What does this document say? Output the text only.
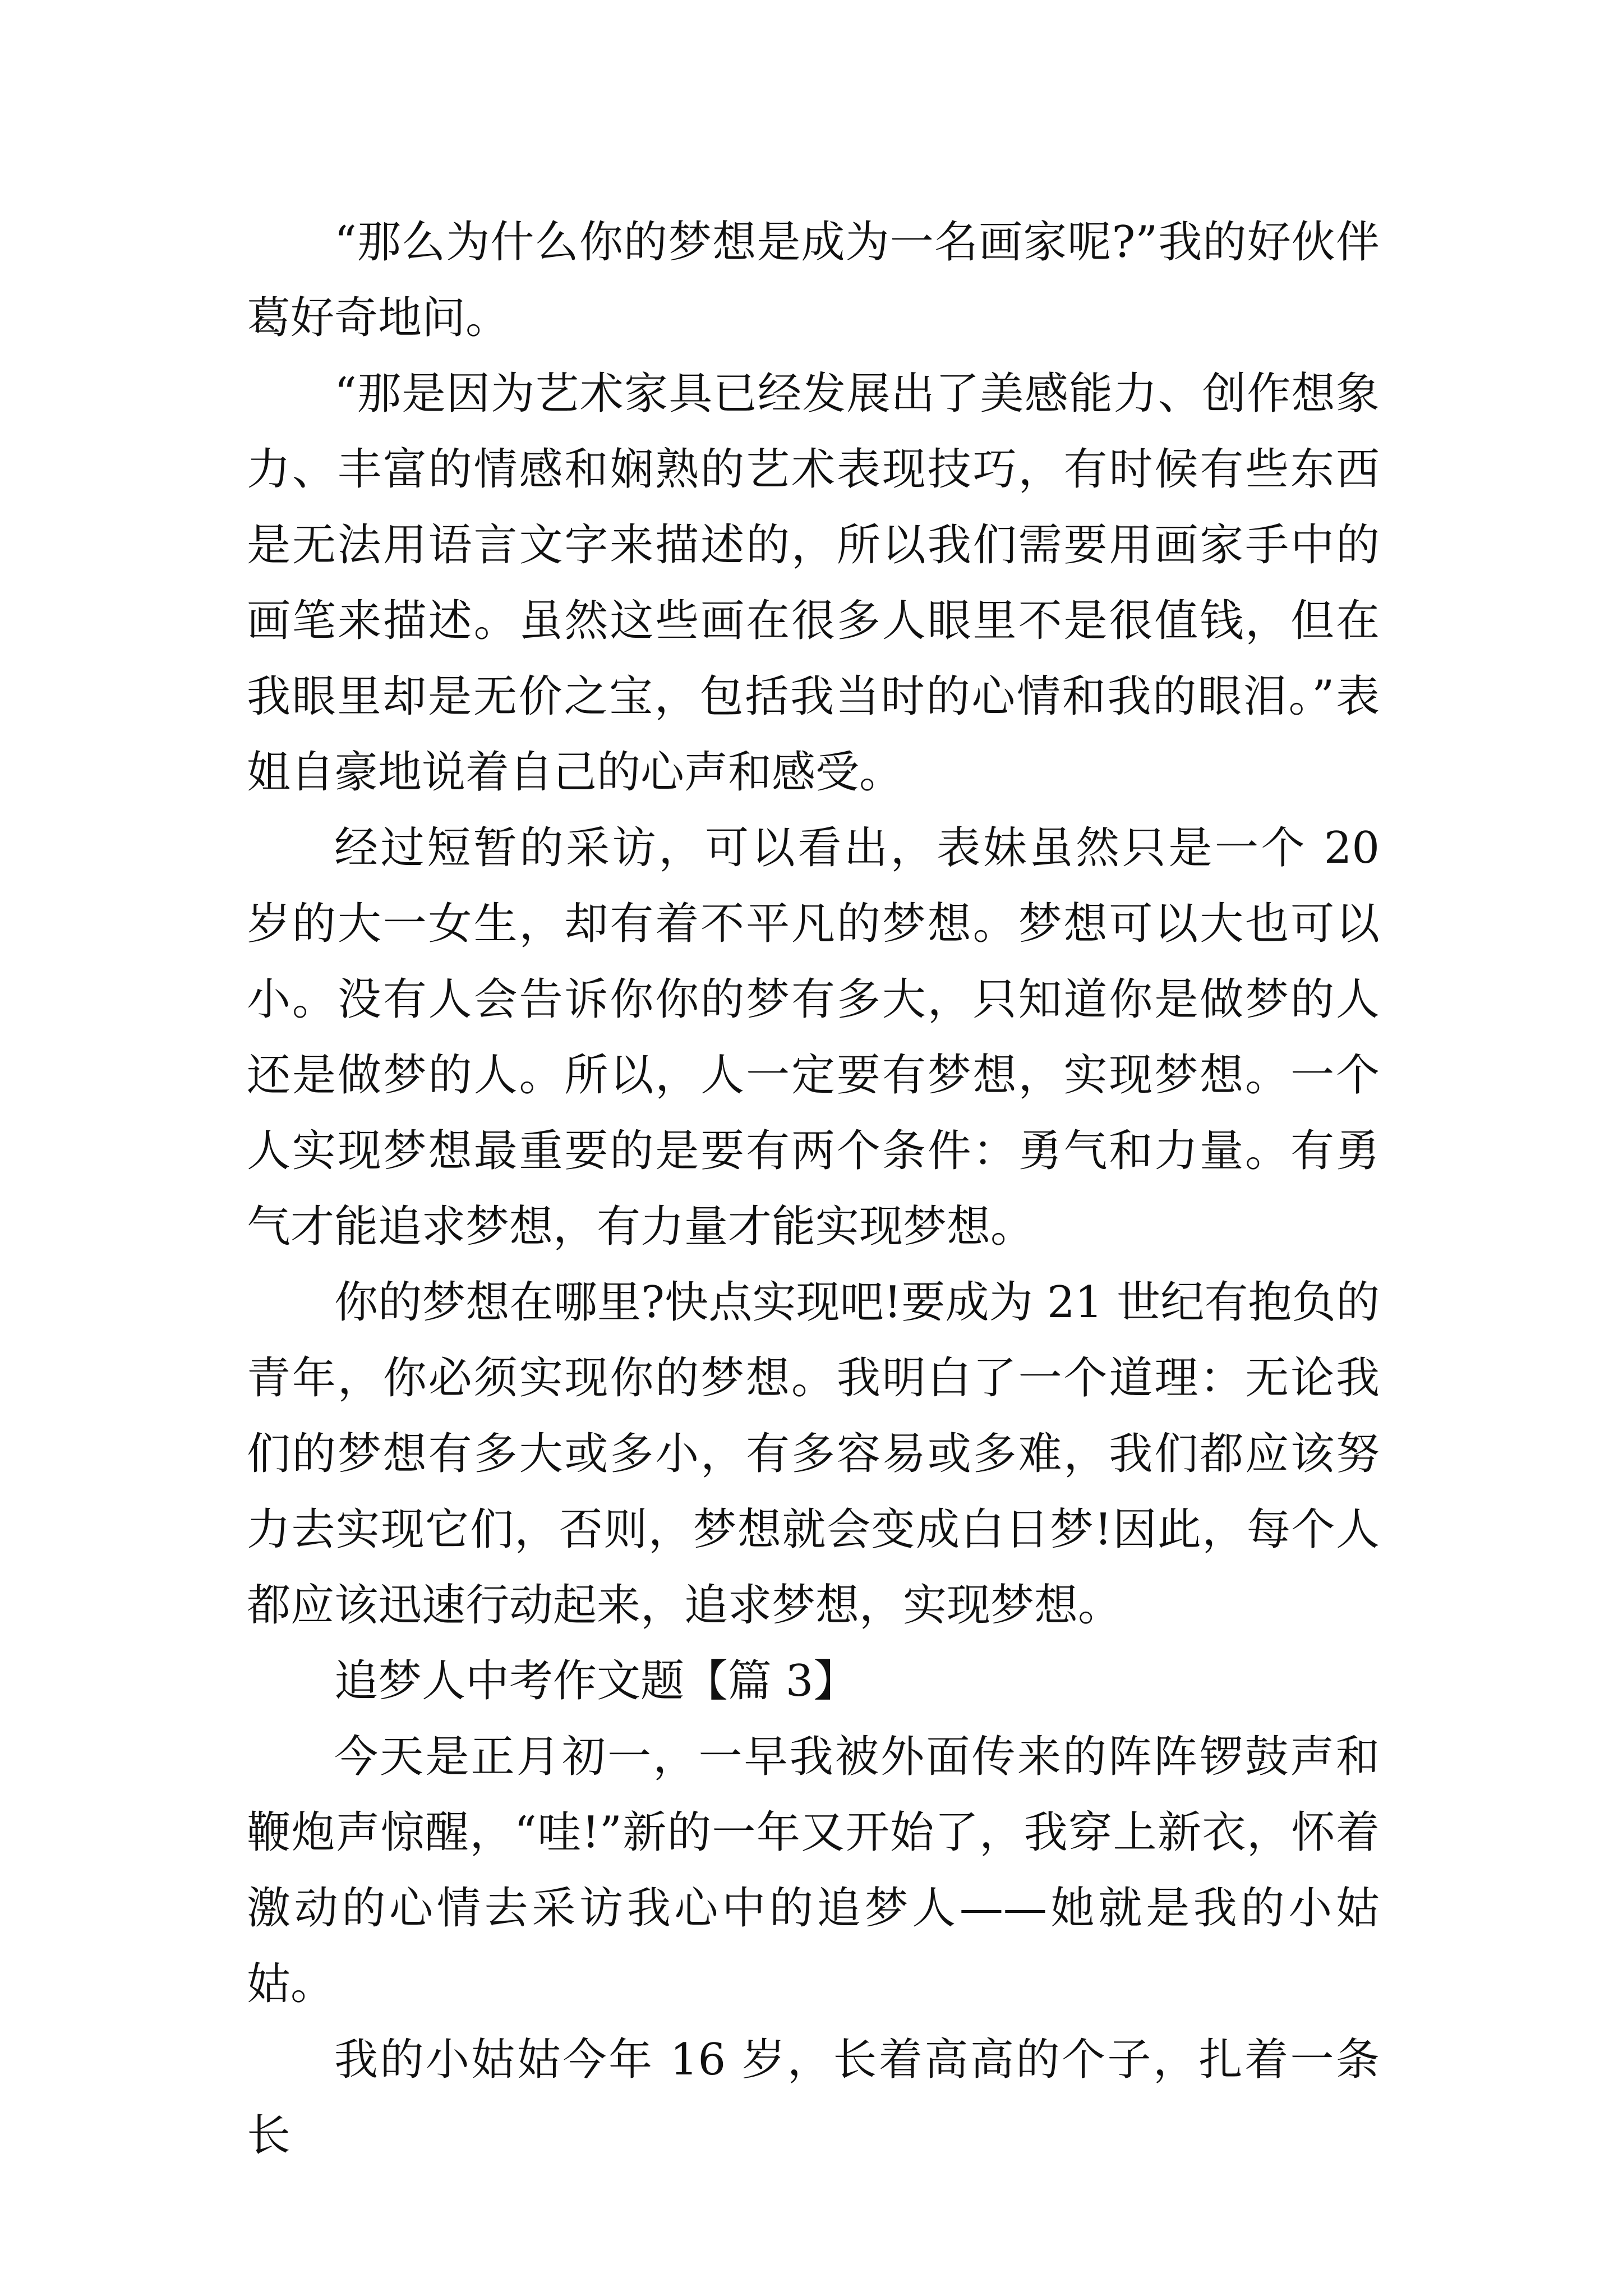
“那么为什么你的梦想是成为一名画家呢?”我的好伙伴葛好奇地问。

“那是因为艺术家具已经发展出了美感能力、创作想象力、丰富的情感和娴熟的艺术表现技巧，有时候有些东西是无法用语言文字来描述的，所以我们需要用画家手中的画笔来描述。虽然这些画在很多人眼里不是很值钱，但在我眼里却是无价之宝，包括我当时的心情和我的眼泪。”表姐自豪地说着自己的心声和感受。

经过短暂的采访，可以看出，表妹虽然只是一个 20 岁的大一女生，却有着不平凡的梦想。梦想可以大也可以小。没有人会告诉你你的梦有多大，只知道你是做梦的人还是做梦的人。所以，人一定要有梦想，实现梦想。一个人实现梦想最重要的是要有两个条件：勇气和力量。有勇气才能追求梦想，有力量才能实现梦想。

你的梦想在哪里?快点实现吧!要成为 21 世纪有抱负的青年，你必须实现你的梦想。我明白了一个道理：无论我们的梦想有多大或多小，有多容易或多难，我们都应该努力去实现它们，否则，梦想就会变成白日梦!因此，每个人都应该迅速行动起来，追求梦想，实现梦想。

追梦人中考作文题【篇 3】

今天是正月初一，一早我被外面传来的阵阵锣鼓声和鞭炮声惊醒，“哇!”新的一年又开始了，我穿上新衣，怀着激动的心情去采访我心中的追梦人——她就是我的小姑姑。

我的小姑姑今年 16 岁，长着高高的个子，扎着一条长
